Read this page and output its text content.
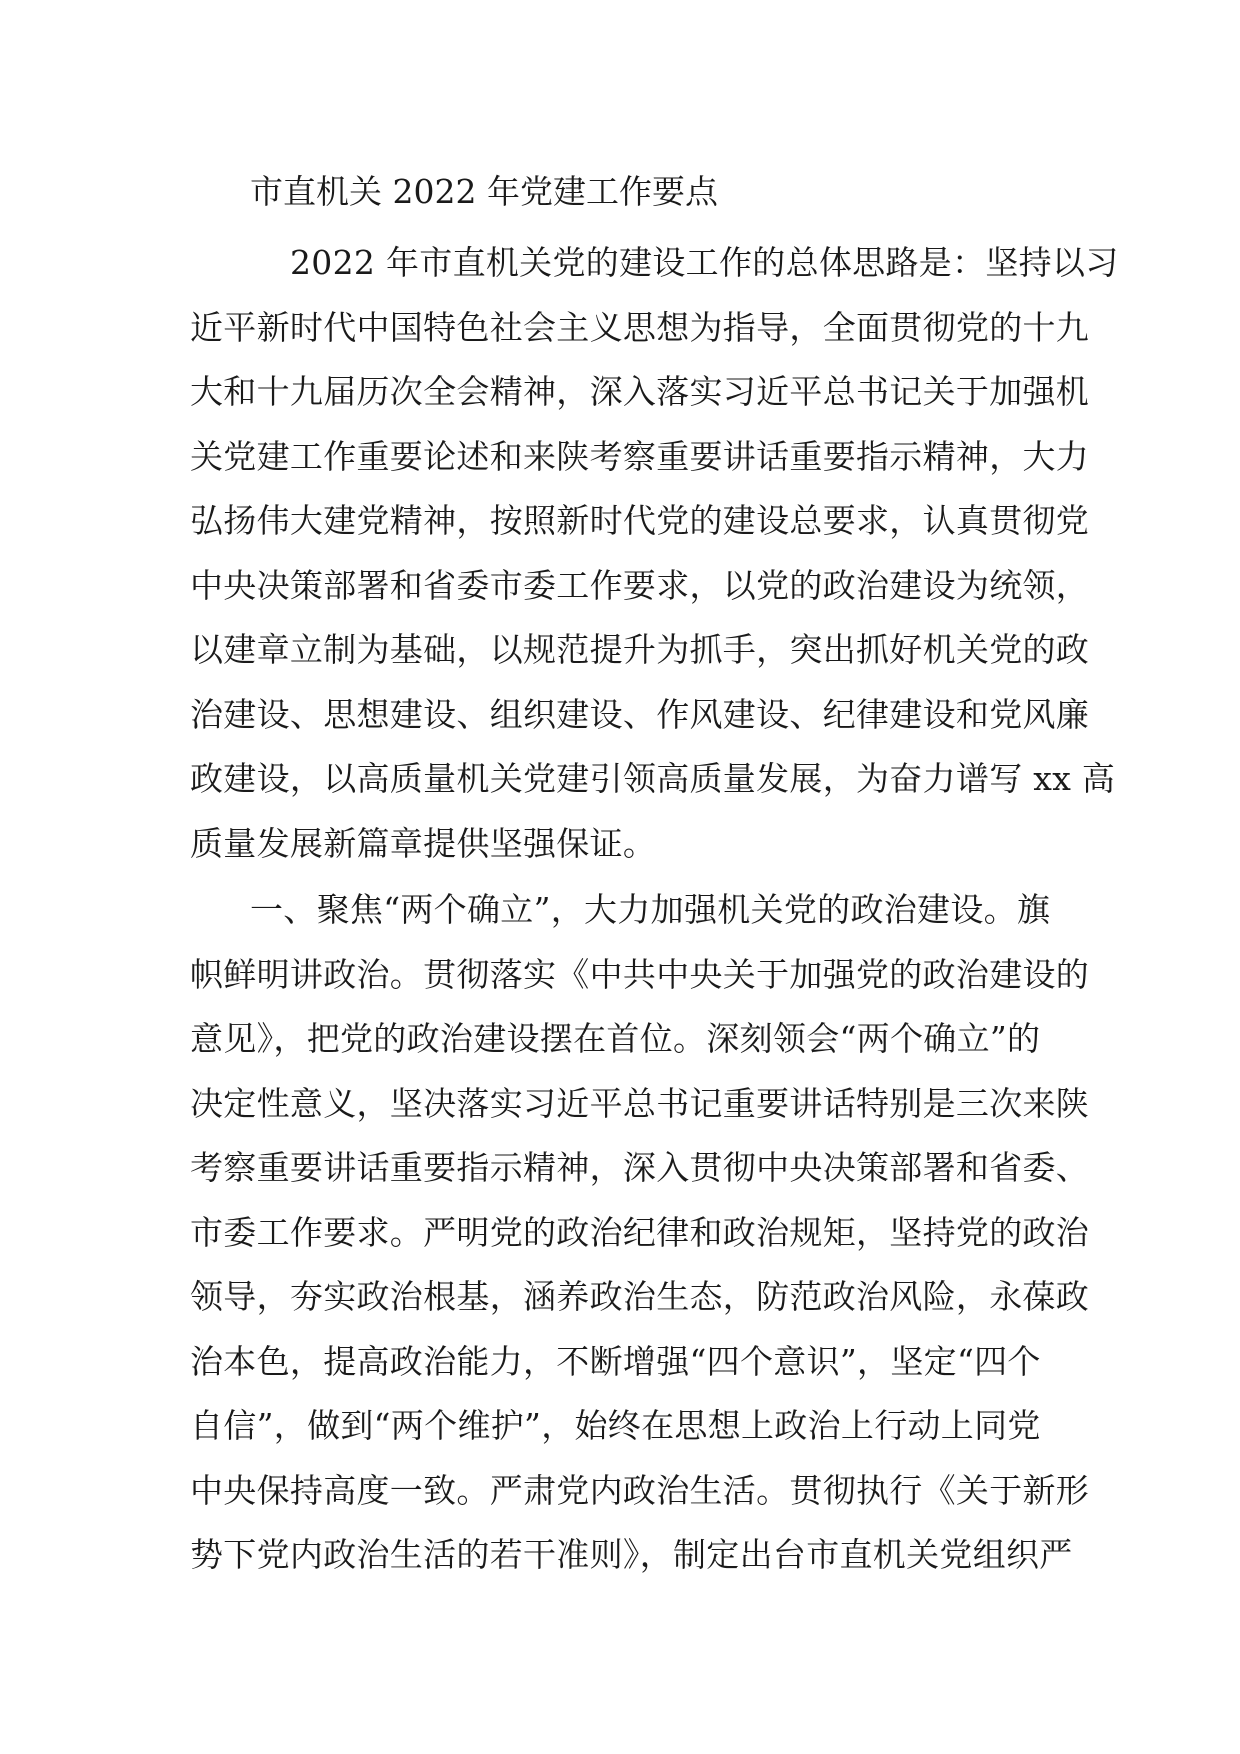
市直机关 2022 年党建工作要点
2022 年市直机关党的建设工作的总体思路是：坚持以习
近平新时代中国特色社会主义思想为指导，全面贯彻党的十九
大和十九届历次全会精神，深入落实习近平总书记关于加强机
关党建工作重要论述和来陕考察重要讲话重要指示精神，大力
弘扬伟大建党精神，按照新时代党的建设总要求，认真贯彻党
中央决策部署和省委市委工作要求，以党的政治建设为统领，
以建章立制为基础，以规范提升为抓手，突出抓好机关党的政
治建设、思想建设、组织建设、作风建设、纪律建设和党风廉
政建设，以高质量机关党建引领高质量发展，为奋力谱写 xx 高
质量发展新篇章提供坚强保证。
一、聚焦“两个确立”，大力加强机关党的政治建设。旗
帜鲜明讲政治。贯彻落实《中共中央关于加强党的政治建设的
意见》，把党的政治建设摆在首位。深刻领会“两个确立”的
决定性意义，坚决落实习近平总书记重要讲话特别是三次来陕
考察重要讲话重要指示精神，深入贯彻中央决策部署和省委、
市委工作要求。严明党的政治纪律和政治规矩，坚持党的政治
领导，夯实政治根基，涵养政治生态，防范政治风险，永葆政
治本色，提高政治能力，不断增强“四个意识”，坚定“四个
自信”，做到“两个维护”，始终在思想上政治上行动上同党
中央保持高度一致。严肃党内政治生活。贯彻执行《关于新形
势下党内政治生活的若干准则》，制定出台市直机关党组织严
